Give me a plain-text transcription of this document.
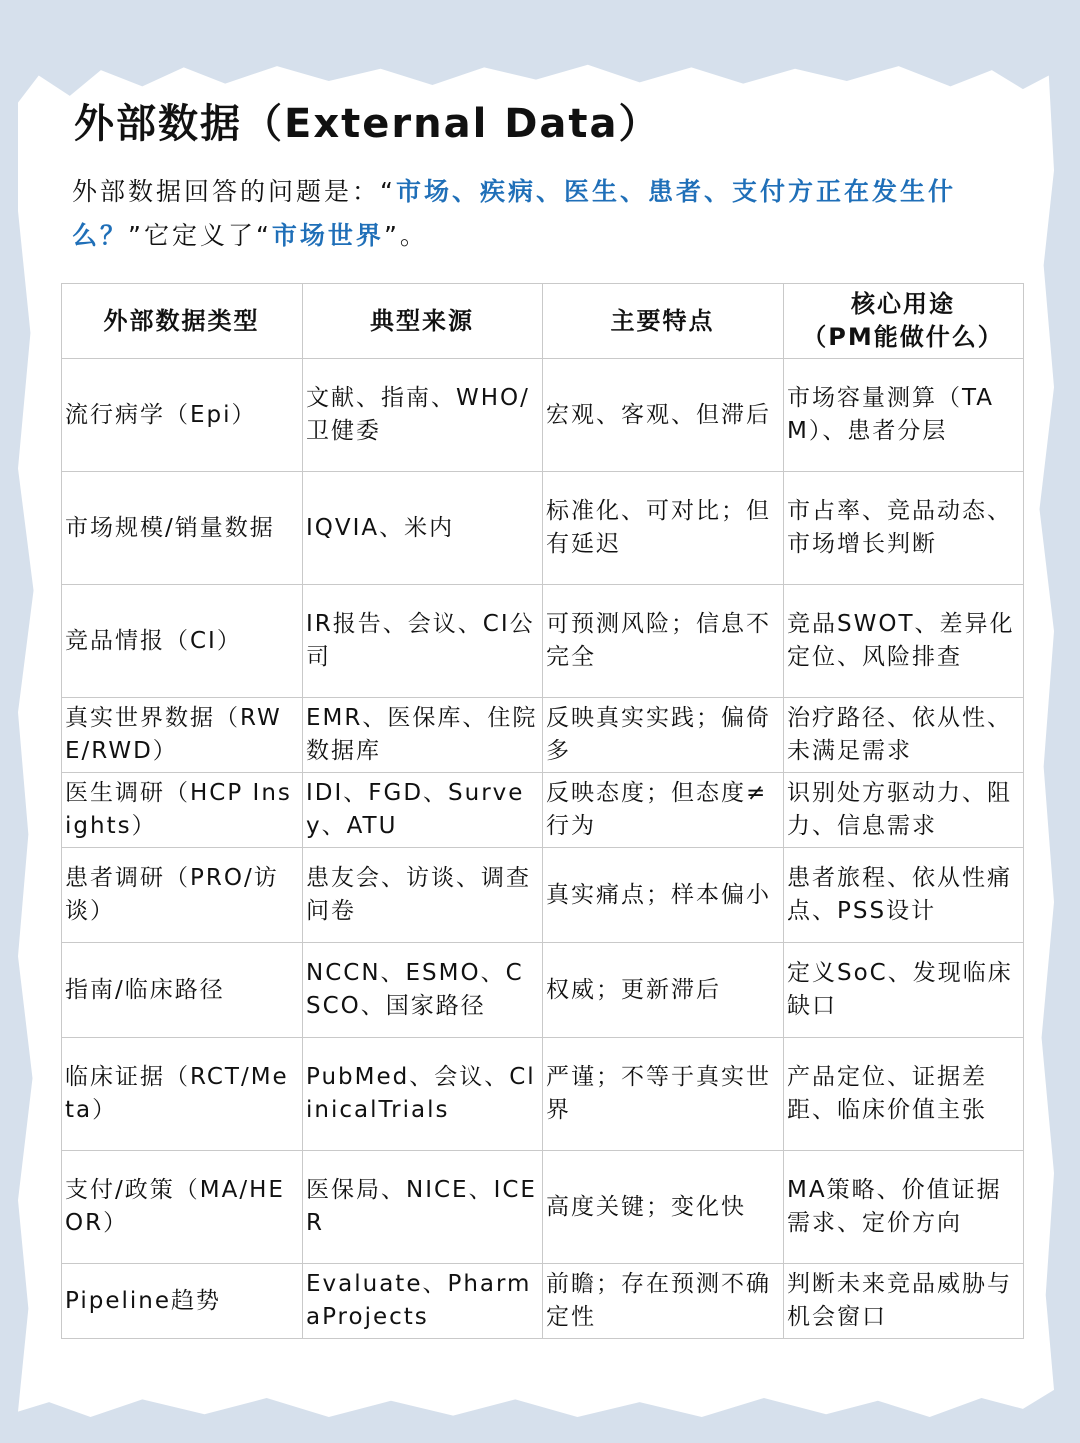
外部数据（External Data）

外部数据回答的问题是：“市场、疾病、医生、患者、支付方正在发生什么？”它定义了“市场世界”。

外部数据类型	典型来源	主要特点	核心用途
（PM能做什么）

流行病学（Epi）	文献、指南、WHO/卫健委	宏观、客观、但滞后	市场容量测算（TAM）、患者分层
市场规模/销量数据	IQVIA、米内	标准化、可对比；但有延迟	市占率、竞品动态、市场增长判断
竞品情报（CI）	IR报告、会议、CI公司	可预测风险；信息不完全	竞品SWOT、差异化定位、风险排查
真实世界数据（RWE/RWD）	EMR、医保库、住院数据库	反映真实实践；偏倚多	治疗路径、依从性、未满足需求
医生调研（HCP Insights）	IDI、FGD、Survey、ATU	反映态度；但态度≠行为	识别处方驱动力、阻力、信息需求
患者调研（PRO/访谈）	患友会、访谈、调查问卷	真实痛点；样本偏小	患者旅程、依从性痛点、PSS设计
指南/临床路径	NCCN、ESMO、CSCO、国家路径	权威；更新滞后	定义SoC、发现临床缺口
临床证据（RCT/Meta）	PubMed、会议、ClinicalTrials	严谨；不等于真实世界	产品定位、证据差距、临床价值主张
支付/政策（MA/HEOR）	医保局、NICE、ICER	高度关键；变化快	MA策略、价值证据需求、定价方向
Pipeline趋势	Evaluate、PharmaProjects	前瞻；存在预测不确定性	判断未来竞品威胁与机会窗口
